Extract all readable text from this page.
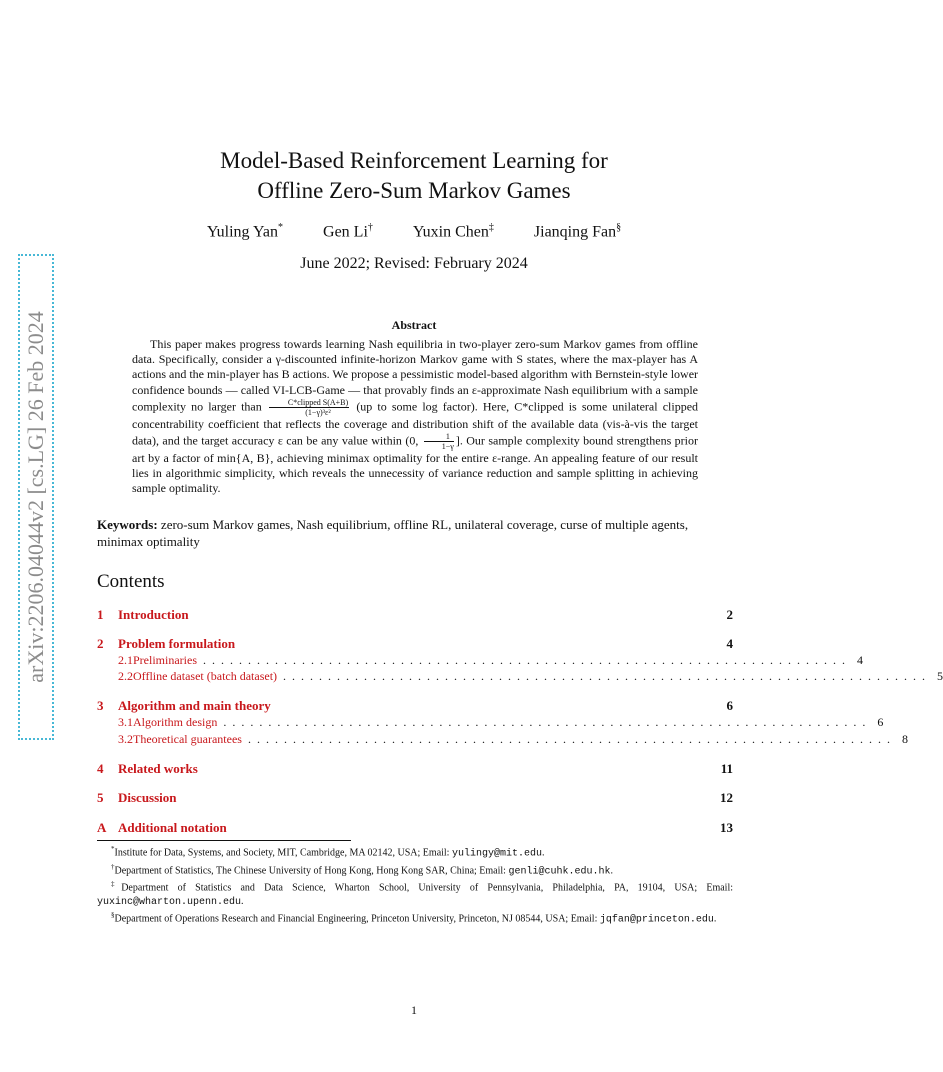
arXiv:2206.04044v2 [cs.LG] 26 Feb 2024
Model-Based Reinforcement Learning for
Offline Zero-Sum Markov Games
Yuling Yan*	Gen Li†	Yuxin Chen‡	Jianqing Fan§
June 2022; Revised: February 2024
Abstract

This paper makes progress towards learning Nash equilibria in two-player zero-sum Markov games from offline data. Specifically, consider a γ-discounted infinite-horizon Markov game with S states, where the max-player has A actions and the min-player has B actions. We propose a pessimistic model-based algorithm with Bernstein-style lower confidence bounds — called VI-LCB-Game — that provably finds an ε-approximate Nash equilibrium with a sample complexity no larger than $\frac{\text{C*clipped S(A+B)}}{\text{(1−γ)³ε²}} (up$ to some log factor). Here, C*clipped is some unilateral clipped concentrability coefficient that reflects the coverage and distribution shift of the available data (vis-à-vis the target data), and the target accuracy ε can be any value within (0, $\frac{1}{1-\gamma}$ ]. Our sample complexity bound strengthens prior art by a factor of min{A, B}, achieving minimax optimality for the entire ε-range. An appealing feature of our result lies in algorithmic simplicity, which reveals the unnecessity of variance reduction and sample splitting in achieving sample optimality.

Keywords: zero-sum Markov games, Nash equilibrium, offline RL, unilateral coverage, curse of multiple agents, minimax optimality
Contents
1	Introduction	2
2	Problem formulation	4
2.1 Preliminaries ........................................................................ 4
2.2 Offline dataset (batch dataset) ........................................................................ 5
3	Algorithm and main theory	6
3.1 Algorithm design ........................................................................ 6
3.2 Theoretical guarantees ........................................................................ 8
4	Related works	11
5	Discussion	12
A Additional notation	13

*Institute for Data, Systems, and Society, MIT, Cambridge, MA 02142, USA; Email: yulingy@mit.edu.

†Department of Statistics, The Chinese University of Hong Kong, Hong Kong SAR, China; Email: genli@cuhk.edu.hk.

‡Department of Statistics and Data Science, Wharton School, University of Pennsylvania, Philadelphia, PA, 19104, USA; Email: yuxinc@wharton.upenn.edu.

§Department of Operations Research and Financial Engineering, Princeton University, Princeton, NJ 08544, USA; Email: jqfan@princeton.edu.

1
